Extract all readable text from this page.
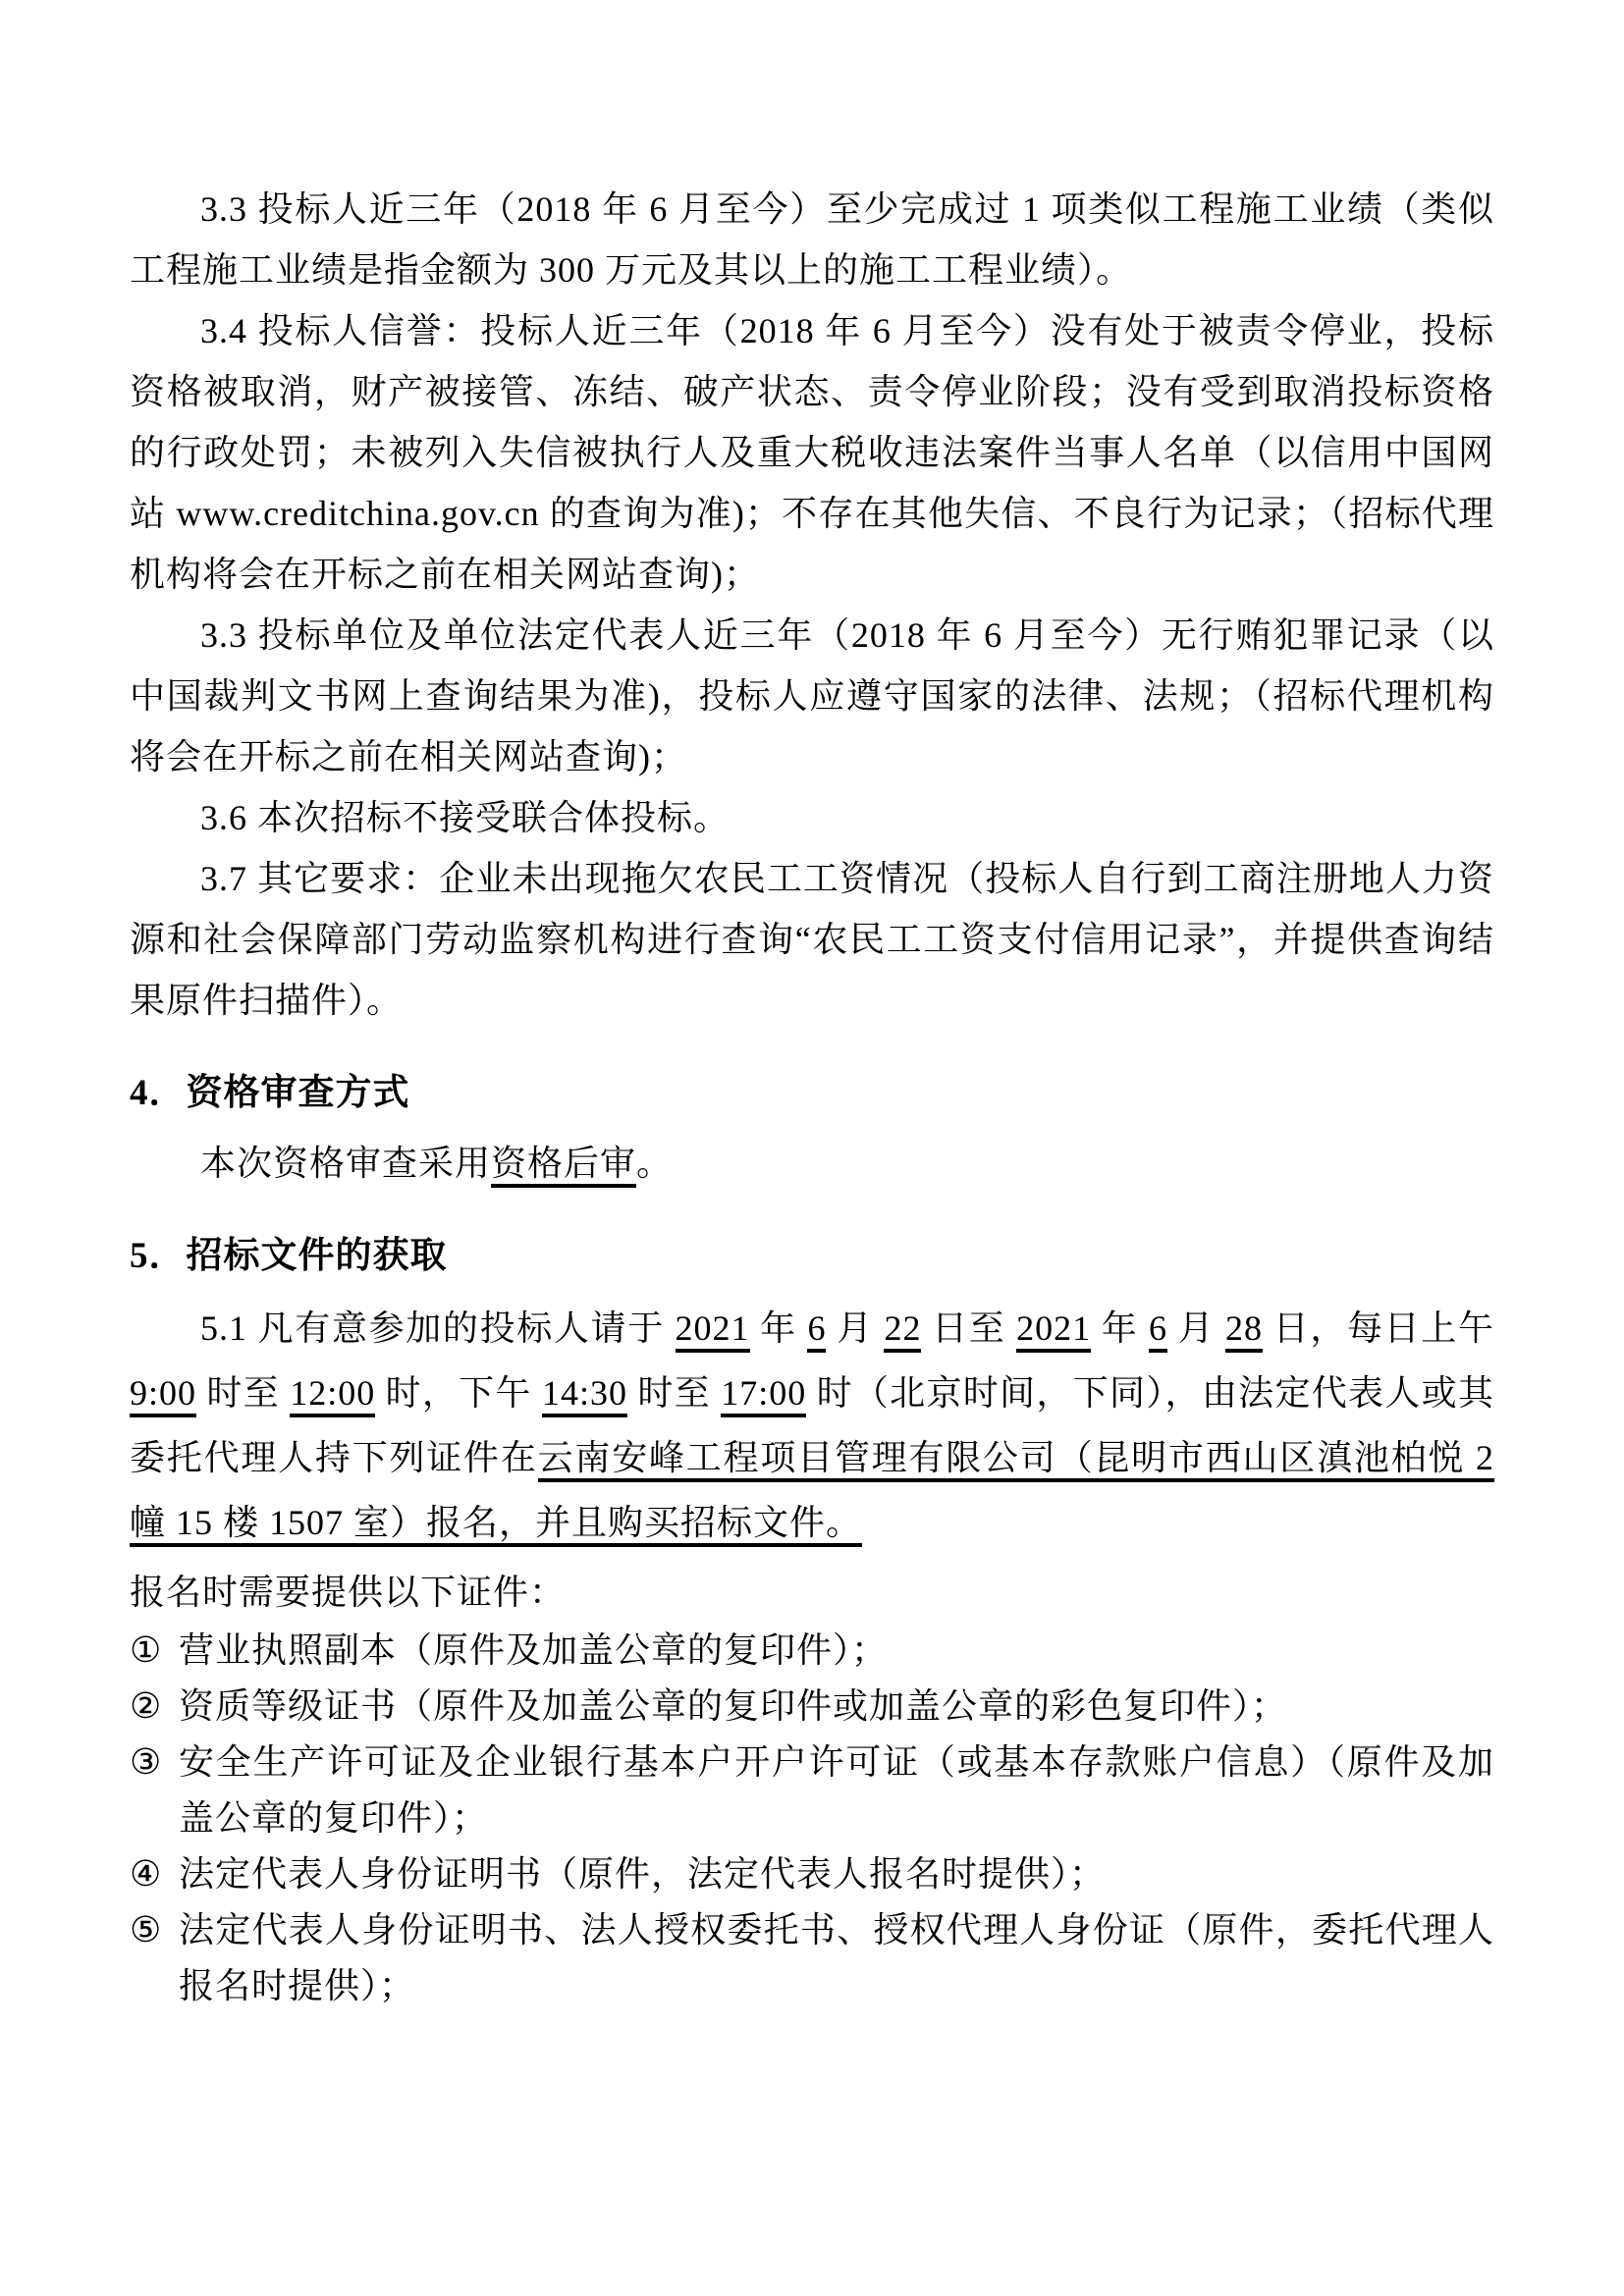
3.3 投标人近三年（2018 年 6 月至今）至少完成过 1 项类似工程施工业绩（类似工程施工业绩是指金额为 300 万元及其以上的施工工程业绩）。

3.4 投标人信誉：投标人近三年（2018 年 6 月至今）没有处于被责令停业，投标资格被取消，财产被接管、冻结、破产状态、责令停业阶段；没有受到取消投标资格的行政处罚；未被列入失信被执行人及重大税收违法案件当事人名单（以信用中国网站 www.creditchina.gov.cn 的查询为准)；不存在其他失信、不良行为记录；（招标代理机构将会在开标之前在相关网站查询)；

3.3 投标单位及单位法定代表人近三年（2018 年 6 月至今）无行贿犯罪记录（以中国裁判文书网上查询结果为准)，投标人应遵守国家的法律、法规；（招标代理机构将会在开标之前在相关网站查询)；

3.6 本次招标不接受联合体投标。

3.7 其它要求：企业未出现拖欠农民工工资情况（投标人自行到工商注册地人力资源和社会保障部门劳动监察机构进行查询“农民工工资支付信用记录”，并提供查询结果原件扫描件）。

4．资格审查方式

本次资格审查采用资格后审。

5．招标文件的获取

5.1 凡有意参加的投标人请于 2021 年 6 月 22 日至 2021 年 6 月 28 日，每日上午 9:00 时至 12:00 时，下午 14:30 时至 17:00 时（北京时间，下同），由法定代表人或其委托代理人持下列证件在云南安峰工程项目管理有限公司（昆明市西山区滇池柏悦 2 幢 15 楼 1507 室）报名，并且购买招标文件。

报名时需要提供以下证件：

① 营业执照副本（原件及加盖公章的复印件）；
② 资质等级证书（原件及加盖公章的复印件或加盖公章的彩色复印件）；
③ 安全生产许可证及企业银行基本户开户许可证（或基本存款账户信息）（原件及加盖公章的复印件）；
④ 法定代表人身份证明书（原件，法定代表人报名时提供）；
⑤ 法定代表人身份证明书、法人授权委托书、授权代理人身份证（原件，委托代理人报名时提供）；
